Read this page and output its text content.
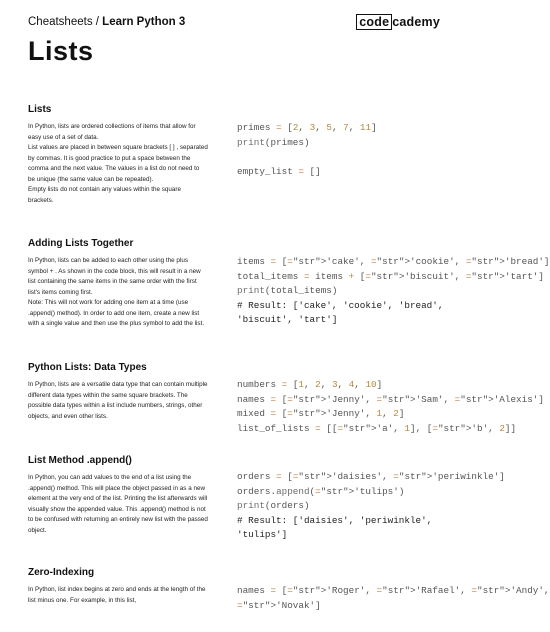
Cheatsheets / Learn Python 3	code cademy
Lists
Lists

In Python, lists are ordered collections of items that allow for easy use of a set of data.

List values are placed in between square brackets [ ] , separated by commas. It is good practice to put a space between the comma and the next value. The values in a list do not need to be unique (the same value can be repeated).

Empty lists do not contain any values within the square brackets.

primes = [2, 3, 5, 7, 11]
print(primes)
empty_list = []
Adding Lists Together

In Python, lists can be added to each other using the plus symbol + . As shown in the code block, this will result in a new list containing the same items in the same order with the first list's items coming first.

Note: This will not work for adding one item at a time (use .append() method). In order to add one item, create a new list with a single value and then use the plus symbol to add the list.

items = [="str">'cake', ="str">'cookie', ="str">'bread']
total_items = items + [="str">'biscuit', ="str">'tart']
print(total_items)
# Result: ['cake', 'cookie', 'bread',
'biscuit', 'tart']
Python Lists: Data Types

In Python, lists are a versatile data type that can contain multiple different data types within the same square brackets. The possible data types within a list include numbers, strings, other objects, and even other lists.

numbers = [1, 2, 3, 4, 10]
names = [="str">'Jenny', ="str">'Sam', ="str">'Alexis']
mixed = [="str">'Jenny', 1, 2]
list_of_lists = [[="str">'a', 1], [="str">'b', 2]]
List Method .append()

In Python, you can add values to the end of a list using the .append() method. This will place the object passed in as a new element at the very end of the list. Printing the list afterwards will visually show the appended value. This .append() method is not to be confused with returning an entirely new list with the passed object.

orders = [="str">'daisies', ="str">'periwinkle']
orders.append(="str">'tulips')
print(orders)
# Result: ['daisies', 'periwinkle',
'tulips']
Zero-Indexing

In Python, list index begins at zero and ends at the length of the list minus one. For example, in this list,

names = [="str">'Roger', ="str">'Rafael', ="str">'Andy',
="str">'Novak']
